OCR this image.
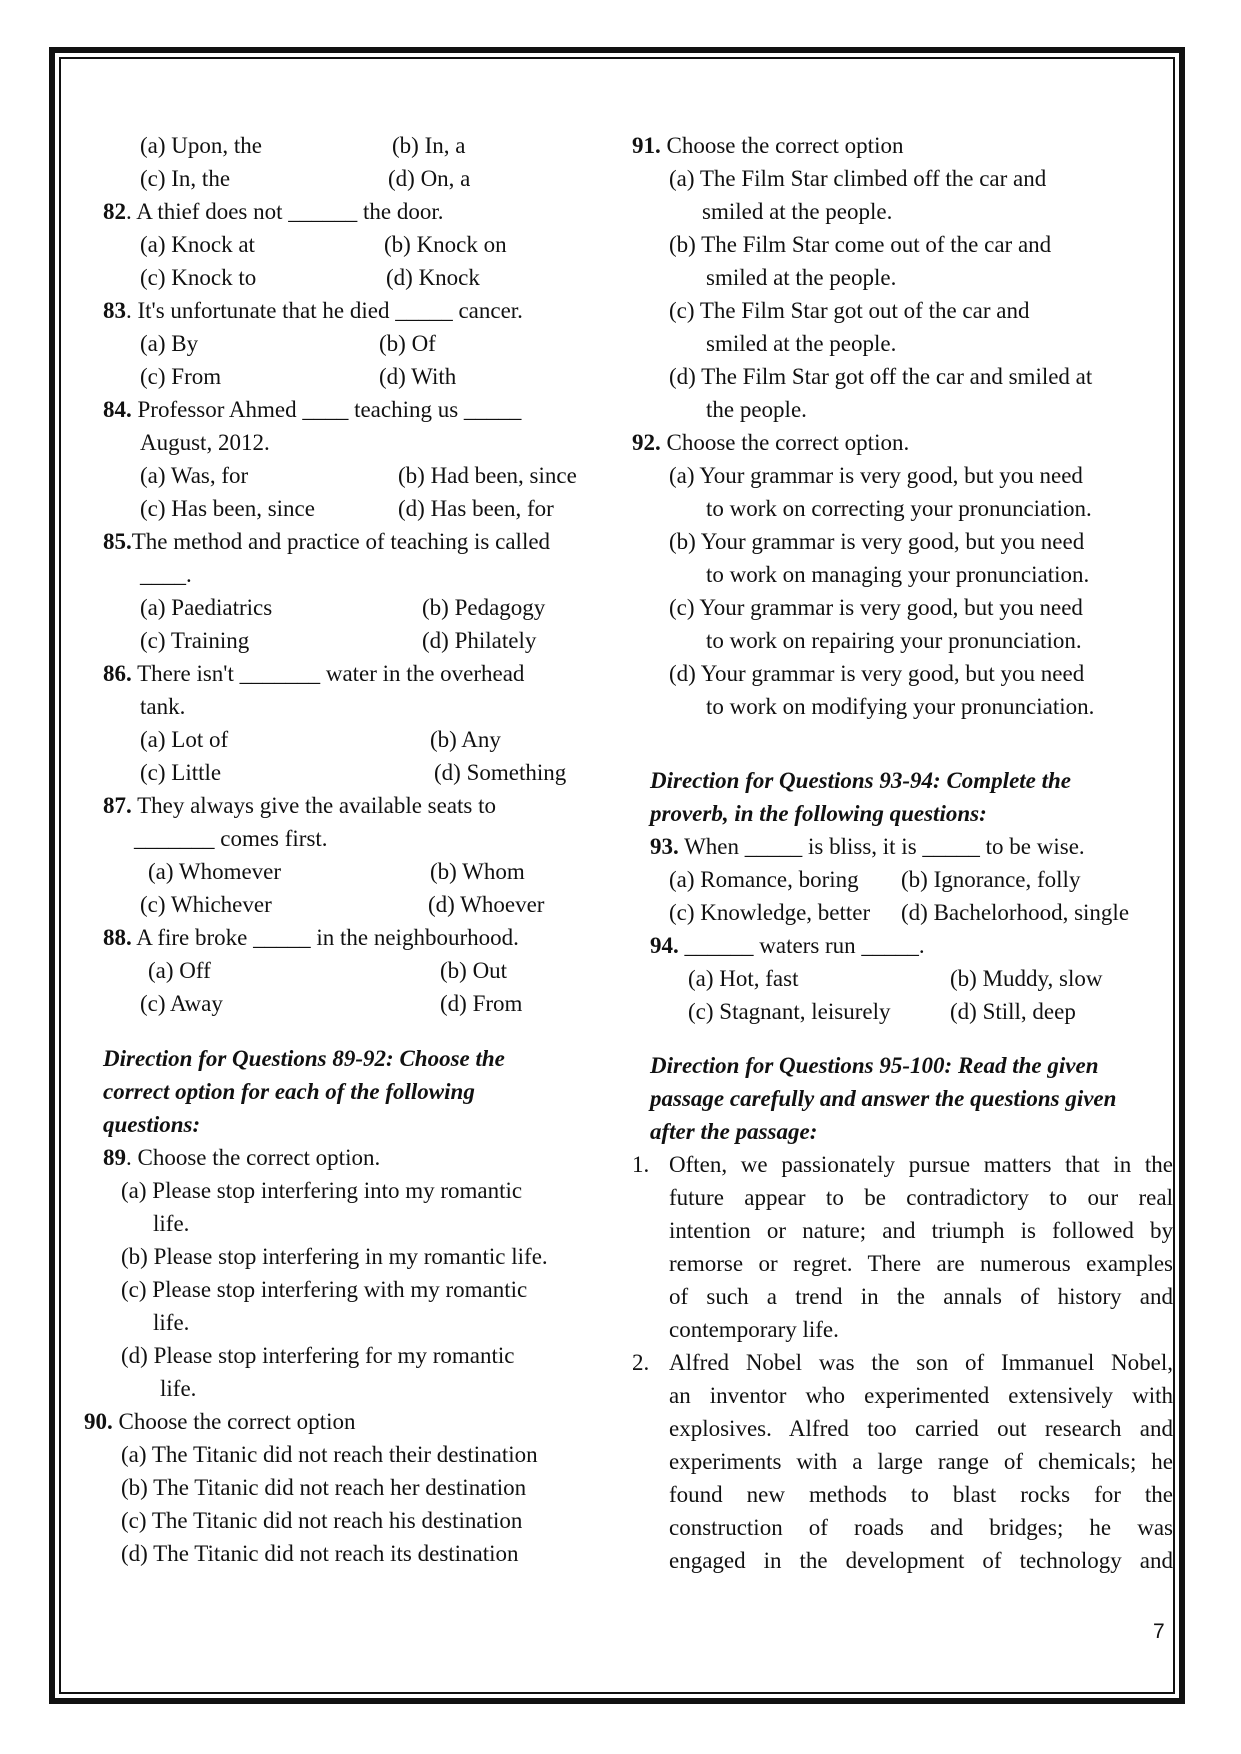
(a) Upon, the	(b) In, a
(c) In, the	(d) On, a
82. A thief does not ______ the door.
(a) Knock at	(b) Knock on
(c) Knock to	(d) Knock
83. It's unfortunate that he died _____ cancer.
(a) By	(b) Of
(c) From	(d) With
84. Professor Ahmed ____ teaching us _____
August, 2012.
(a) Was, for	(b) Had been, since
(c) Has been, since	(d) Has been, for
85.The method and practice of teaching is called
____.
(a) Paediatrics	(b) Pedagogy
(c) Training	(d) Philately
86. There isn't _______ water in the overhead
tank.
(a) Lot of	(b) Any
(c) Little	(d) Something
87. They always give the available seats to
_______ comes first.
(a) Whomever	(b) Whom
(c) Whichever	(d) Whoever
88. A fire broke _____ in the neighbourhood.
(a) Off	(b) Out
(c) Away	(d) From
Direction for Questions 89-92: Choose the
correct option for each of the following
questions:
89. Choose the correct option.
(a) Please stop interfering into my romantic
life.
(b) Please stop interfering in my romantic life.
(c) Please stop interfering with my romantic
life.
(d) Please stop interfering for my romantic
life.
90. Choose the correct option
(a) The Titanic did not reach their destination
(b) The Titanic did not reach her destination
(c) The Titanic did not reach his destination
(d) The Titanic did not reach its destination
91. Choose the correct option
(a) The Film Star climbed off the car and
smiled at the people.
(b) The Film Star come out of the car and
smiled at the people.
(c) The Film Star got out of the car and
smiled at the people.
(d) The Film Star got off the car and smiled at
the people.
92. Choose the correct option.
(a) Your grammar is very good, but you need
to work on correcting your pronunciation.
(b) Your grammar is very good, but you need
to work on managing your pronunciation.
(c) Your grammar is very good, but you need
to work on repairing your pronunciation.
(d) Your grammar is very good, but you need
to work on modifying your pronunciation.
Direction for Questions 93-94: Complete the
proverb, in the following questions:
93. When _____ is bliss, it is _____ to be wise.
(a) Romance, boring (b) Ignorance, folly
(c) Knowledge, better (d) Bachelorhood, single
94. ______ waters run _____.
(a) Hot, fast	(b) Muddy, slow
(c) Stagnant, leisurely	(d) Still, deep
Direction for Questions 95-100: Read the given
passage carefully and answer the questions given
after the passage:
1. Often, we passionately pursue matters that in the
future appear to be contradictory to our real
intention or nature; and triumph is followed by
remorse or regret. There are numerous examples
of such a trend in the annals of history and
contemporary life.
2. Alfred Nobel was the son of Immanuel Nobel,
an inventor who experimented extensively with
explosives. Alfred too carried out research and
experiments with a large range of chemicals; he
found new methods to blast rocks for the
construction of roads and bridges; he was
engaged in the development of technology and
7
